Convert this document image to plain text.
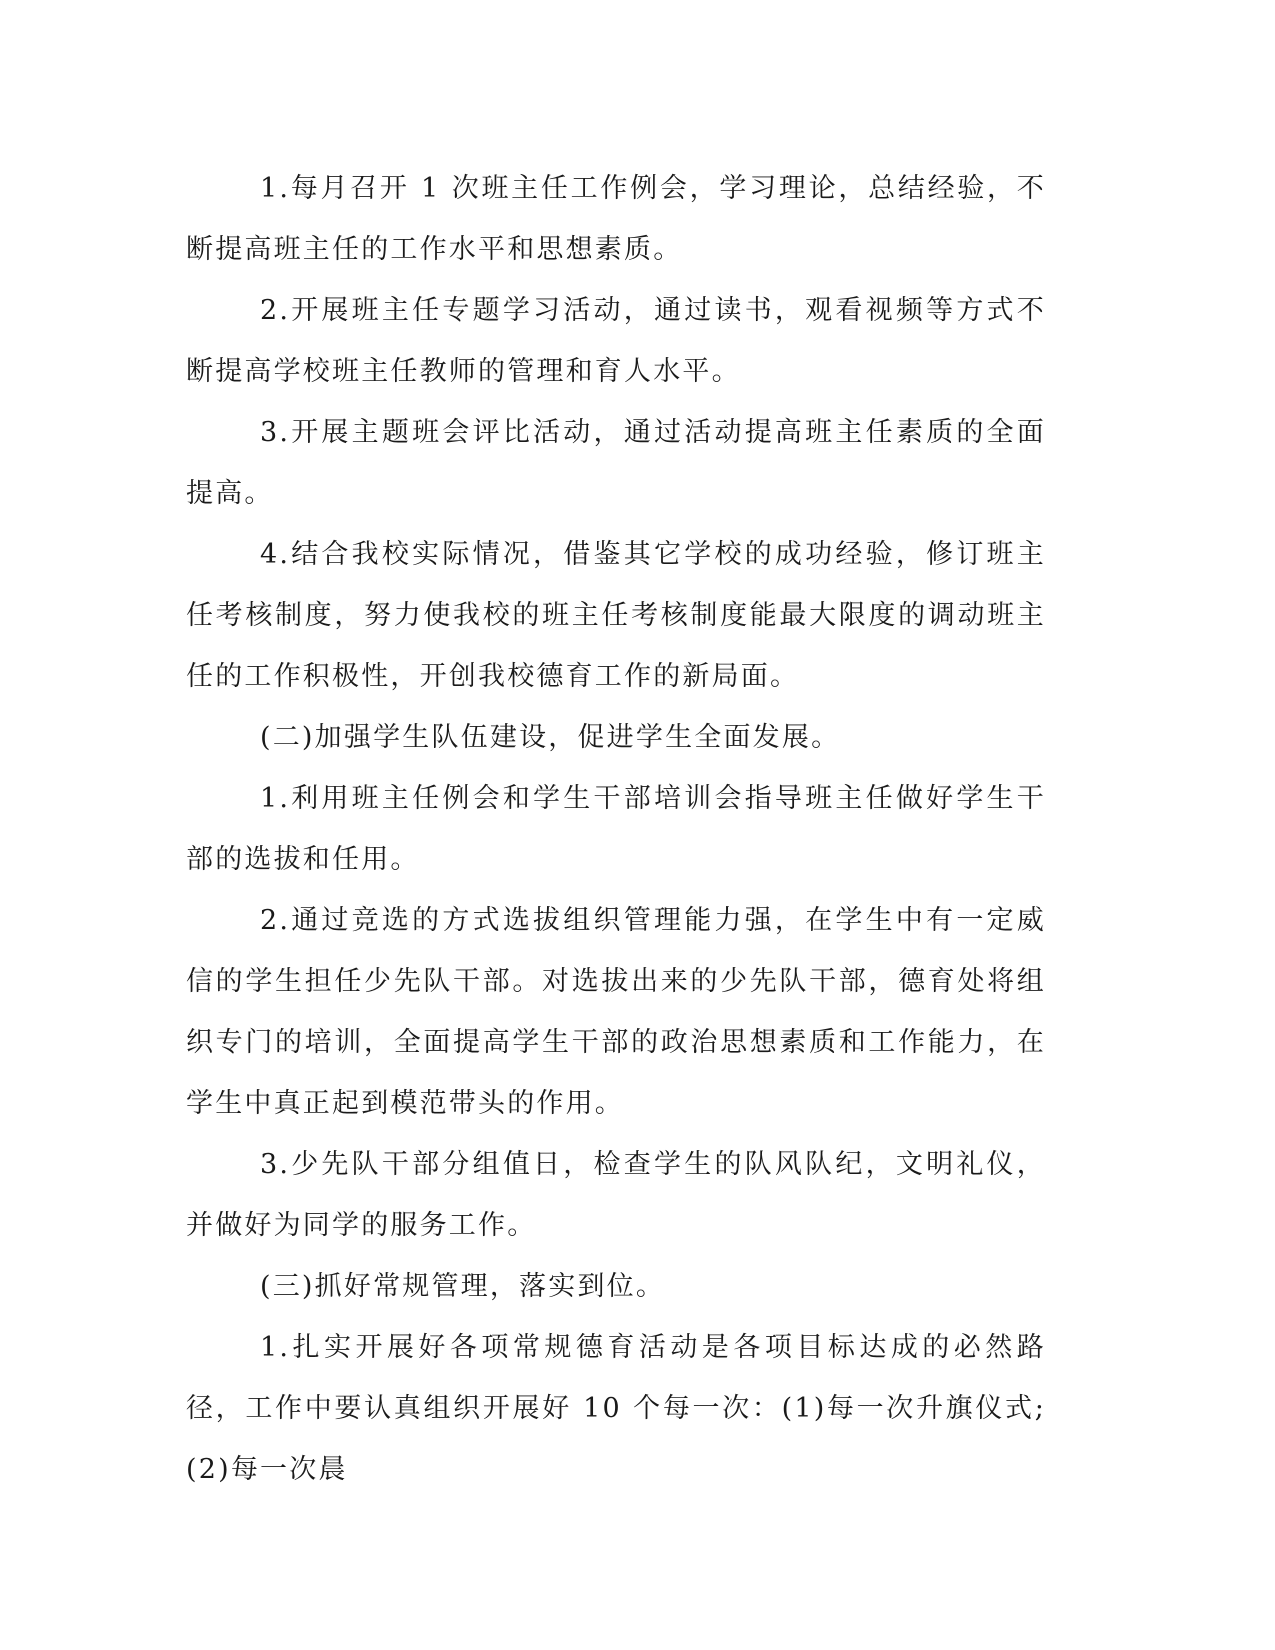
1.每月召开 1 次班主任工作例会，学习理论，总结经验，不断提高班主任的工作水平和思想素质。

2.开展班主任专题学习活动，通过读书，观看视频等方式不断提高学校班主任教师的管理和育人水平。

3.开展主题班会评比活动，通过活动提高班主任素质的全面提高。

4.结合我校实际情况，借鉴其它学校的成功经验，修订班主任考核制度，努力使我校的班主任考核制度能最大限度的调动班主任的工作积极性，开创我校德育工作的新局面。

(二)加强学生队伍建设，促进学生全面发展。

1.利用班主任例会和学生干部培训会指导班主任做好学生干部的选拔和任用。

2.通过竞选的方式选拔组织管理能力强，在学生中有一定威信的学生担任少先队干部。对选拔出来的少先队干部，德育处将组织专门的培训，全面提高学生干部的政治思想素质和工作能力，在学生中真正起到模范带头的作用。

3.少先队干部分组值日，检查学生的队风队纪，文明礼仪，并做好为同学的服务工作。

(三)抓好常规管理，落实到位。

1.扎实开展好各项常规德育活动是各项目标达成的必然路径，工作中要认真组织开展好 10 个每一次：(1)每一次升旗仪式;(2)每一次晨
